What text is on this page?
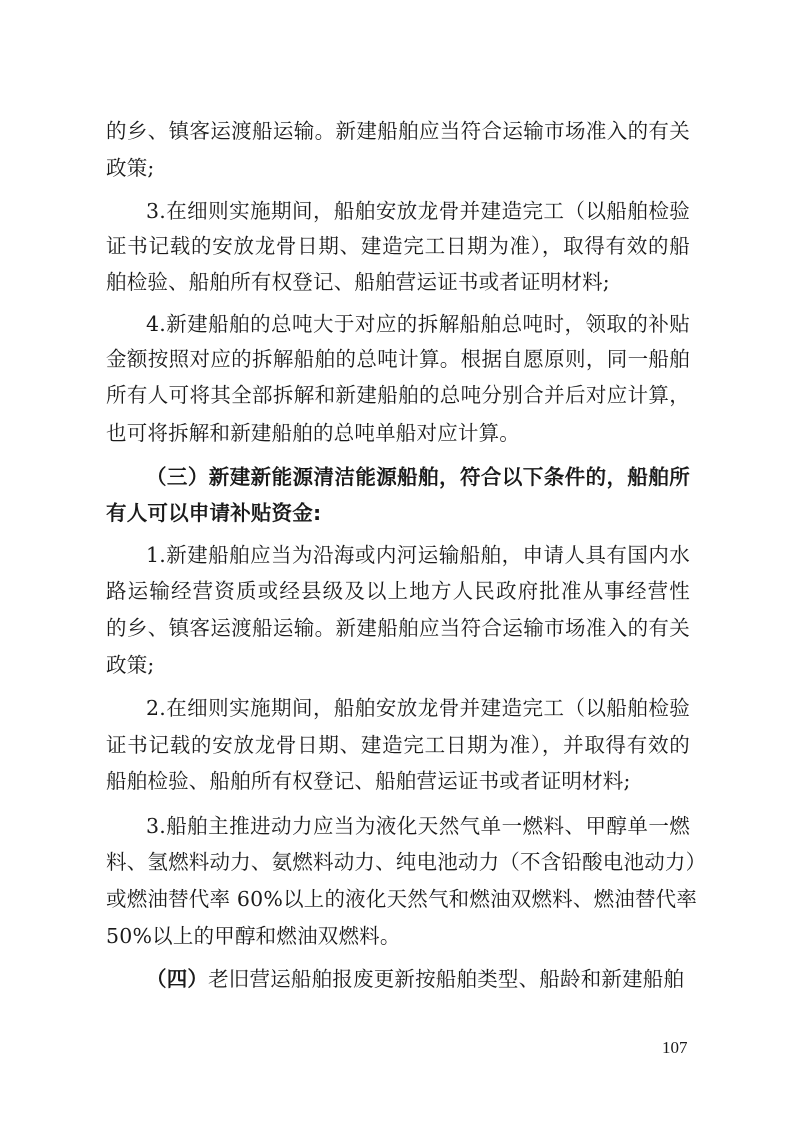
的乡、镇客运渡船运输。新建船舶应当符合运输市场准入的有关
政策;
3.在细则实施期间，船舶安放龙骨并建造完工（以船舶检验
证书记载的安放龙骨日期、建造完工日期为准），取得有效的船
舶检验、船舶所有权登记、船舶营运证书或者证明材料;
4.新建船舶的总吨大于对应的拆解船舶总吨时，领取的补贴
金额按照对应的拆解船舶的总吨计算。根据自愿原则，同一船舶
所有人可将其全部拆解和新建船舶的总吨分别合并后对应计算，
也可将拆解和新建船舶的总吨单船对应计算。
（三）新建新能源清洁能源船舶，符合以下条件的，船舶所
有人可以申请补贴资金:
1.新建船舶应当为沿海或内河运输船舶，申请人具有国内水
路运输经营资质或经县级及以上地方人民政府批准从事经营性
的乡、镇客运渡船运输。新建船舶应当符合运输市场准入的有关
政策;
2.在细则实施期间，船舶安放龙骨并建造完工（以船舶检验
证书记载的安放龙骨日期、建造完工日期为准），并取得有效的
船舶检验、船舶所有权登记、船舶营运证书或者证明材料;
3.船舶主推进动力应当为液化天然气单一燃料、甲醇单一燃
料、氢燃料动力、氨燃料动力、纯电池动力（不含铅酸电池动力）
或燃油替代率 60%以上的液化天然气和燃油双燃料、燃油替代率
50%以上的甲醇和燃油双燃料。
（四）老旧营运船舶报废更新按船舶类型、船龄和新建船舶
107
